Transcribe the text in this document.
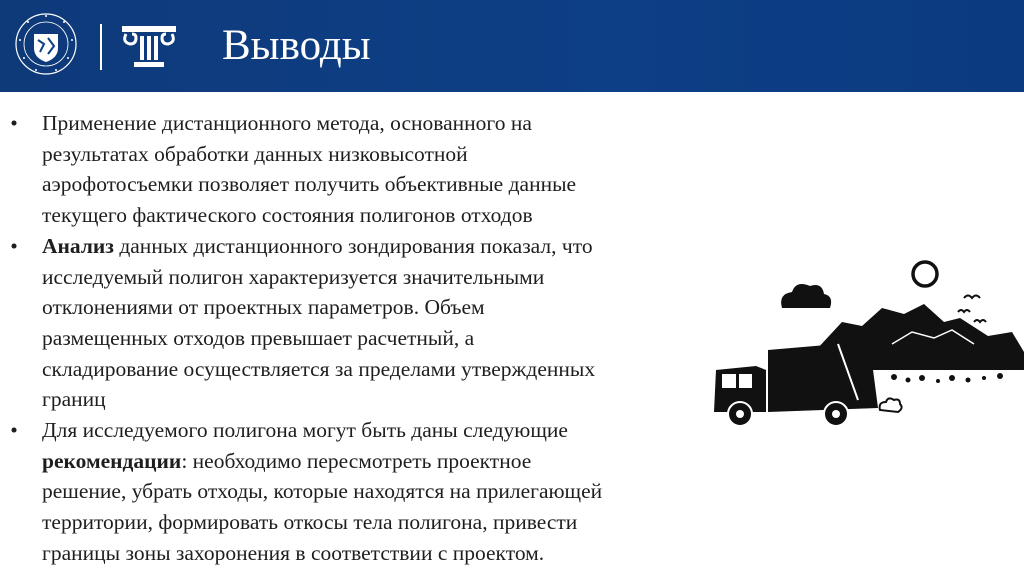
Выводы
• Применение дистанционного метода, основанного на
результатах обработки данных низковысотной
аэрофотосъемки позволяет получить объективные данные
текущего фактического состояния полигонов отходов
• Анализ данных дистанционного зондирования показал, что
исследуемый полигон характеризуется значительными
отклонениями от проектных параметров. Объем
размещенных отходов превышает расчетный, а
складирование осуществляется за пределами утвержденных
границ
• Для исследуемого полигона могут быть даны следующие
рекомендации: необходимо пересмотреть проектное
решение, убрать отходы, которые находятся на прилегающей
территории, формировать откосы тела полигона, привести
границы зоны захоронения в соответствии с проектом.
